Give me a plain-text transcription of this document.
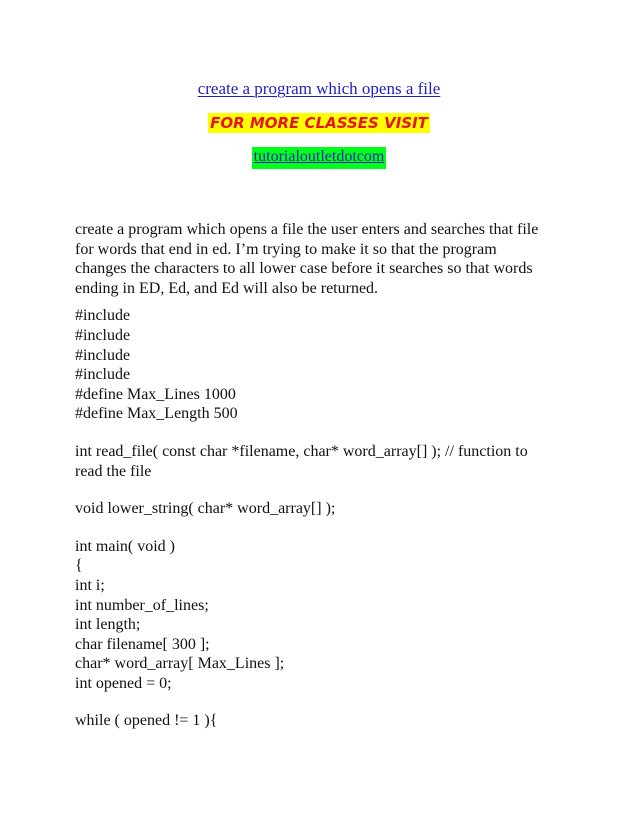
create a program which opens a file
FOR MORE CLASSES VISIT
tutorialoutletdotcom

create a program which opens a file the user enters and searches that file

for words that end in ed. I’m trying to make it so that the program

changes the characters to all lower case before it searches so that words

ending in ED, Ed, and Ed will also be returned.

#include

#include

#include

#include

#define Max_Lines 1000

#define Max_Length 500

int read_file( const char *filename, char* word_array[] ); // function to

read the file

void lower_string( char* word_array[] );

int main( void )

{

int i;

int number_of_lines;

int length;

char filename[ 300 ];

char* word_array[ Max_Lines ];

int opened = 0;

while ( opened != 1 ){
